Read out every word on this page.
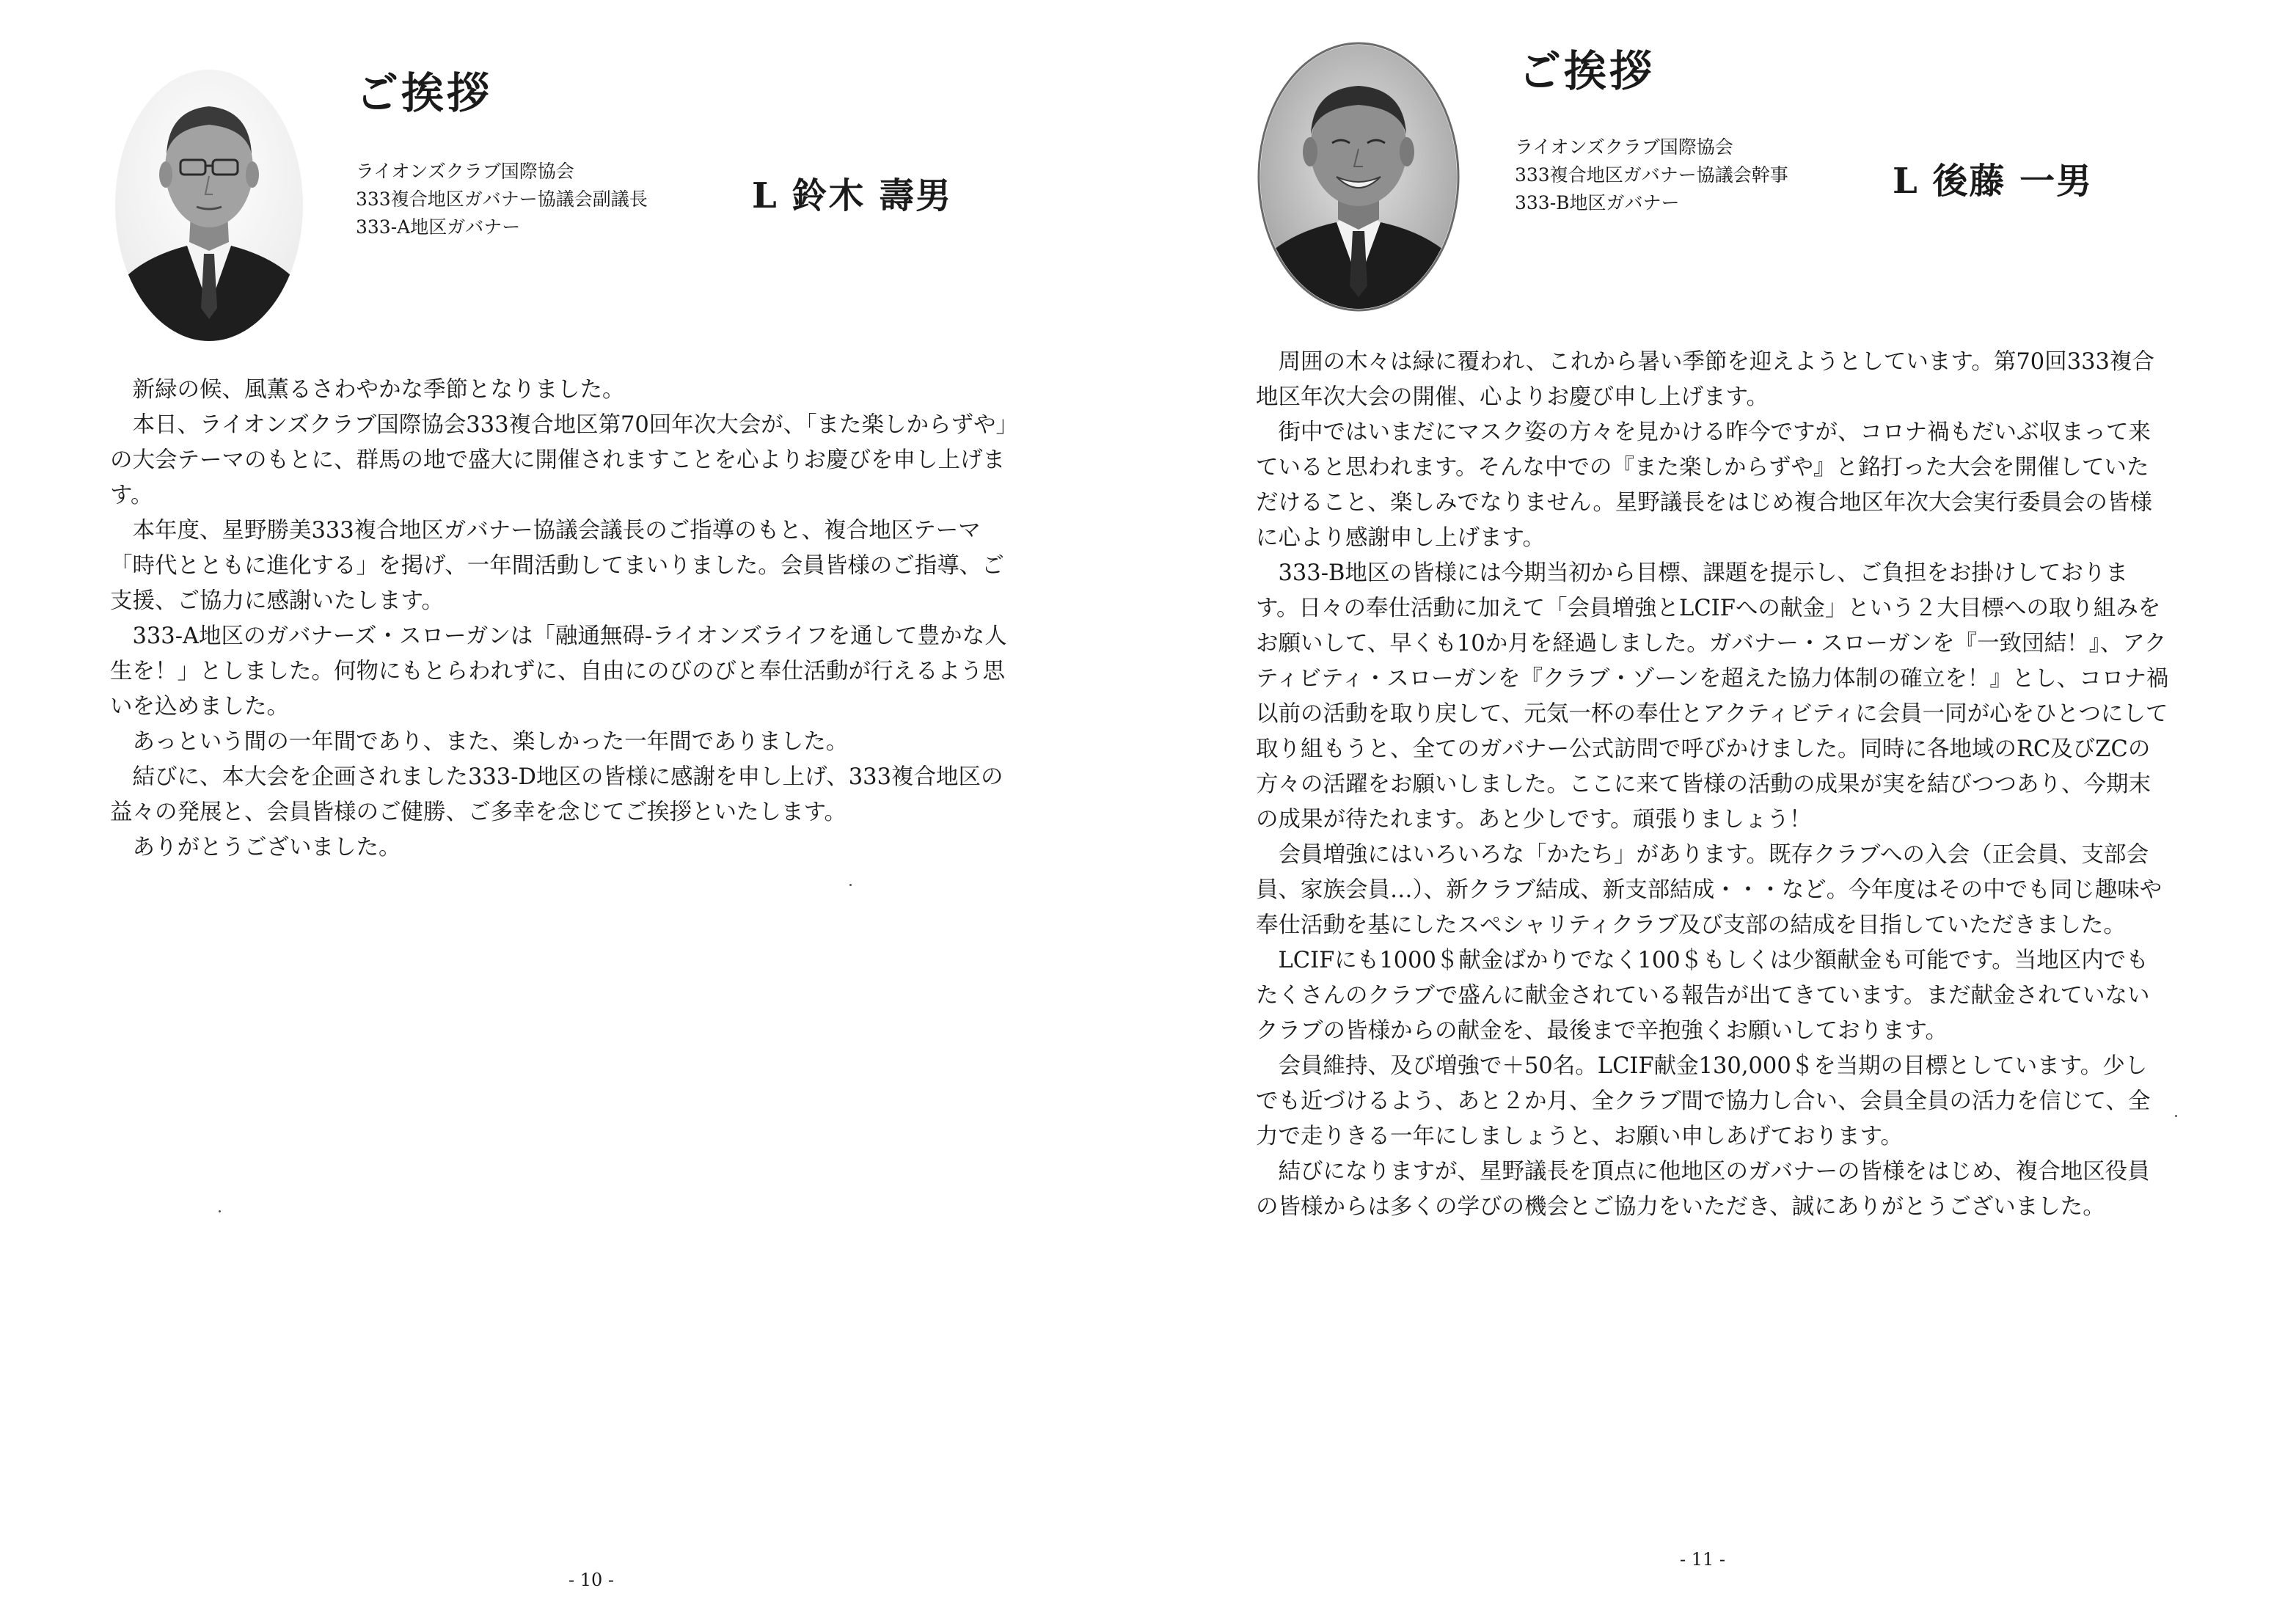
ご挨拶
ライオンズクラブ国際協会
333複合地区ガバナー協議会副議長
333-A地区ガバナー
L 鈴木 壽男

新緑の候、風薫るさわやかな季節となりました。

本日、ライオンズクラブ国際協会333複合地区第70回年次大会が、「また楽しからずや」の大会テーマのもとに、群馬の地で盛大に開催されますことを心よりお慶びを申し上げます。

本年度、星野勝美333複合地区ガバナー協議会議長のご指導のもと、複合地区テーマ「時代とともに進化する」を掲げ、一年間活動してまいりました。会員皆様のご指導、ご支援、ご協力に感謝いたします。

333-A地区のガバナーズ・スローガンは「融通無碍-ライオンズライフを通して豊かな人生を！」としました。何物にもとらわれずに、自由にのびのびと奉仕活動が行えるよう思いを込めました。

あっという間の一年間であり、また、楽しかった一年間でありました。

結びに、本大会を企画されました333-D地区の皆様に感謝を申し上げ、333複合地区の益々の発展と、会員皆様のご健勝、ご多幸を念じてご挨拶といたします。

ありがとうございました。

- 10 -
ご挨拶
ライオンズクラブ国際協会
333複合地区ガバナー協議会幹事
333-B地区ガバナー
L 後藤 一男

周囲の木々は緑に覆われ、これから暑い季節を迎えようとしています。第70回333複合地区年次大会の開催、心よりお慶び申し上げます。

街中ではいまだにマスク姿の方々を見かける昨今ですが、コロナ禍もだいぶ収まって来ていると思われます。そんな中での『また楽しからずや』と銘打った大会を開催していただけること、楽しみでなりません。星野議長をはじめ複合地区年次大会実行委員会の皆様に心より感謝申し上げます。

333-B地区の皆様には今期当初から目標、課題を提示し、ご負担をお掛けしております。日々の奉仕活動に加えて「会員増強とLCIFへの献金」という２大目標への取り組みをお願いして、早くも10か月を経過しました。ガバナー・スローガンを『一致団結！』、アクティビティ・スローガンを『クラブ・ゾーンを超えた協力体制の確立を！』とし、コロナ禍以前の活動を取り戻して、元気一杯の奉仕とアクティビティに会員一同が心をひとつにして取り組もうと、全てのガバナー公式訪問で呼びかけました。同時に各地域のRC及びZCの方々の活躍をお願いしました。ここに来て皆様の活動の成果が実を結びつつあり、今期末の成果が待たれます。あと少しです。頑張りましょう！

会員増強にはいろいろな「かたち」があります。既存クラブへの入会（正会員、支部会員、家族会員…）、新クラブ結成、新支部結成・・・など。今年度はその中でも同じ趣味や奉仕活動を基にしたスペシャリティクラブ及び支部の結成を目指していただきました。

LCIFにも1000＄献金ばかりでなく100＄もしくは少額献金も可能です。当地区内でもたくさんのクラブで盛んに献金されている報告が出てきています。まだ献金されていないクラブの皆様からの献金を、最後まで辛抱強くお願いしております。

会員維持、及び増強で＋50名。LCIF献金130,000＄を当期の目標としています。少しでも近づけるよう、あと２か月、全クラブ間で協力し合い、会員全員の活力を信じて、全力で走りきる一年にしましょうと、お願い申しあげております。

結びになりますが、星野議長を頂点に他地区のガバナーの皆様をはじめ、複合地区役員の皆様からは多くの学びの機会とご協力をいただき、誠にありがとうございました。

- 11 -
